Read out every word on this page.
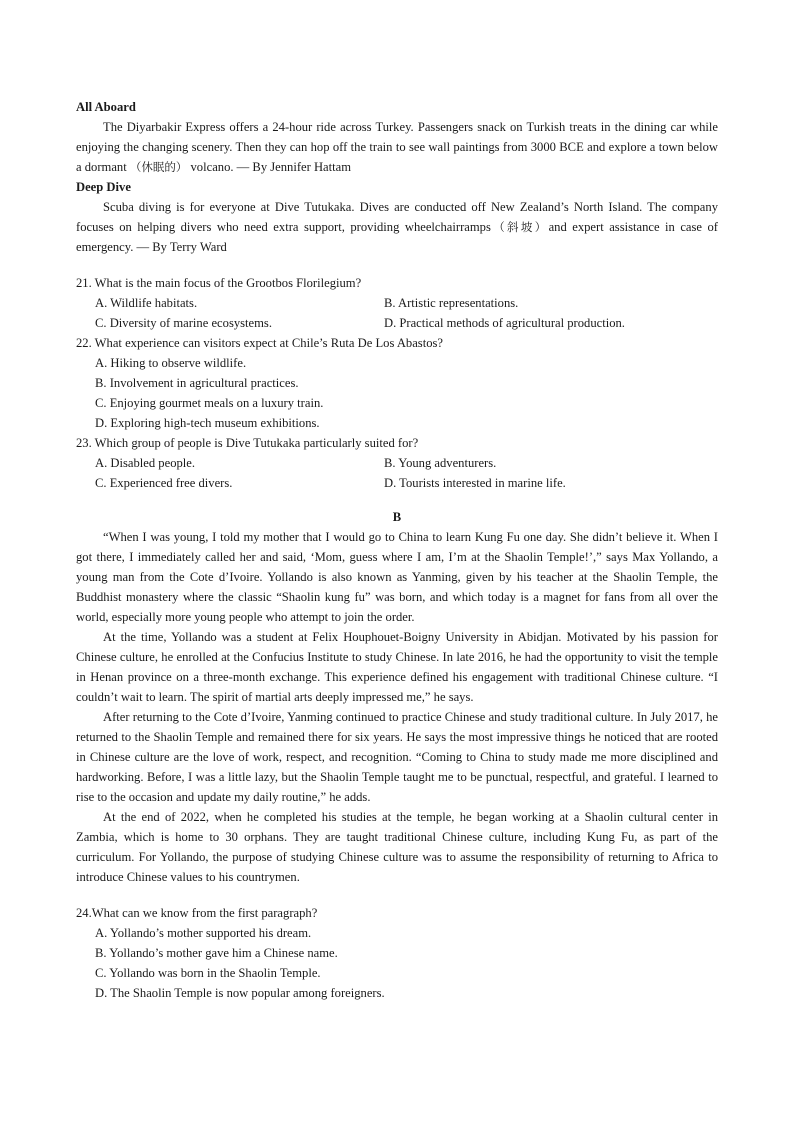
All Aboard

The Diyarbakir Express offers a 24-hour ride across Turkey. Passengers snack on Turkish treats in the dining car while enjoying the changing scenery. Then they can hop off the train to see wall paintings from 3000 BCE and explore a town below a dormant （休眠的） volcano. — By Jennifer Hattam

Deep Dive

Scuba diving is for everyone at Dive Tutukaka. Dives are conducted off New Zealand’s North Island. The company focuses on helping divers who need extra support, providing wheelchairramps（斜坡）and expert assistance in case of emergency. — By Terry Ward

21. What is the main focus of the Grootbos Florilegium?

A. Wildlife habitats.	B. Artistic representations.
C. Diversity of marine ecosystems.	D. Practical methods of agricultural production.

22. What experience can visitors expect at Chile’s Ruta De Los Abastos?

A. Hiking to observe wildlife.
B. Involvement in agricultural practices.
C. Enjoying gourmet meals on a luxury train.
D. Exploring high-tech museum exhibitions.

23. Which group of people is Dive Tutukaka particularly suited for?

A. Disabled people.	B. Young adventurers.
C. Experienced free divers.	D. Tourists interested in marine life.

B

“When I was young, I told my mother that I would go to China to learn Kung Fu one day. She didn’t believe it. When I got there, I immediately called her and said, ‘Mom, guess where I am, I’m at the Shaolin Temple!’,” says Max Yollando, a young man from the Cote d’Ivoire. Yollando is also known as Yanming, given by his teacher at the Shaolin Temple, the Buddhist monastery where the classic “Shaolin kung fu” was born, and which today is a magnet for fans from all over the world, especially more young people who attempt to join the order.

At the time, Yollando was a student at Felix Houphouet-Boigny University in Abidjan. Motivated by his passion for Chinese culture, he enrolled at the Confucius Institute to study Chinese. In late 2016, he had the opportunity to visit the temple in Henan province on a three-month exchange. This experience defined his engagement with traditional Chinese culture. “I couldn’t wait to learn. The spirit of martial arts deeply impressed me,” he says.

After returning to the Cote d’Ivoire, Yanming continued to practice Chinese and study traditional culture. In July 2017, he returned to the Shaolin Temple and remained there for six years. He says the most impressive things he noticed that are rooted in Chinese culture are the love of work, respect, and recognition. “Coming to China to study made me more disciplined and hardworking. Before, I was a little lazy, but the Shaolin Temple taught me to be punctual, respectful, and grateful. I learned to rise to the occasion and update my daily routine,” he adds.

At the end of 2022, when he completed his studies at the temple, he began working at a Shaolin cultural center in Zambia, which is home to 30 orphans. They are taught traditional Chinese culture, including Kung Fu, as part of the curriculum. For Yollando, the purpose of studying Chinese culture was to assume the responsibility of returning to Africa to introduce Chinese values to his countrymen.

24.What can we know from the first paragraph?

A. Yollando’s mother supported his dream.
B. Yollando’s mother gave him a Chinese name.
C. Yollando was born in the Shaolin Temple.
D. The Shaolin Temple is now popular among foreigners.
